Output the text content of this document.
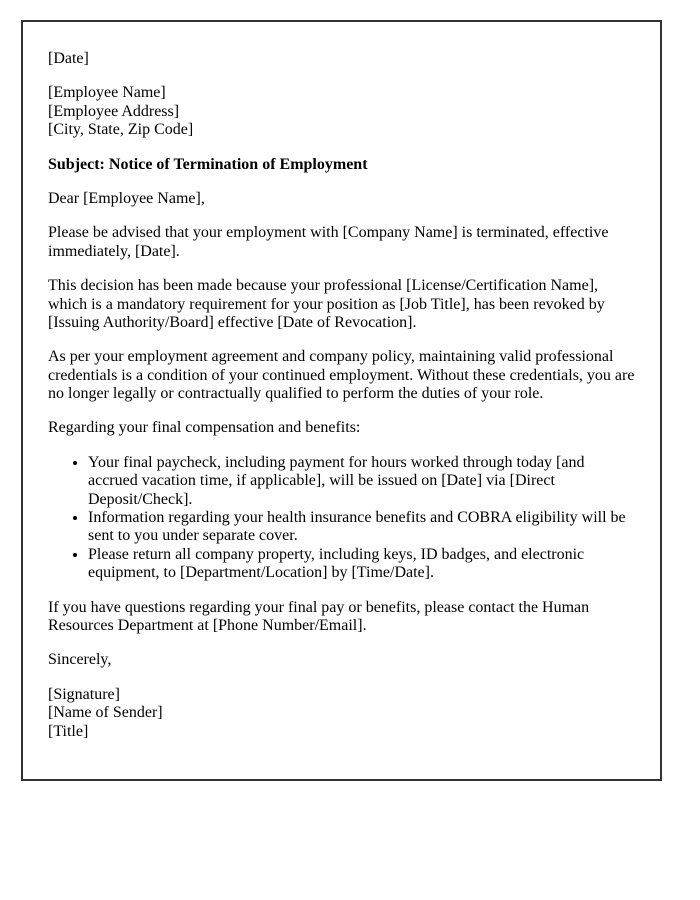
[Date]

[Employee Name]
[Employee Address]
[City, State, Zip Code]

Subject: Notice of Termination of Employment

Dear [Employee Name],

Please be advised that your employment with [Company Name] is terminated, effective immediately, [Date].

This decision has been made because your professional [License/Certification Name], which is a mandatory requirement for your position as [Job Title], has been revoked by [Issuing Authority/Board] effective [Date of Revocation].

As per your employment agreement and company policy, maintaining valid professional credentials is a condition of your continued employment. Without these credentials, you are no longer legally or contractually qualified to perform the duties of your role.

Regarding your final compensation and benefits:

• Your final paycheck, including payment for hours worked through today [and accrued vacation time, if applicable], will be issued on [Date] via [Direct Deposit/Check].
• Information regarding your health insurance benefits and COBRA eligibility will be sent to you under separate cover.
• Please return all company property, including keys, ID badges, and electronic equipment, to [Department/Location] by [Time/Date].

If you have questions regarding your final pay or benefits, please contact the Human Resources Department at [Phone Number/Email].

Sincerely,

[Signature]
[Name of Sender]
[Title]
